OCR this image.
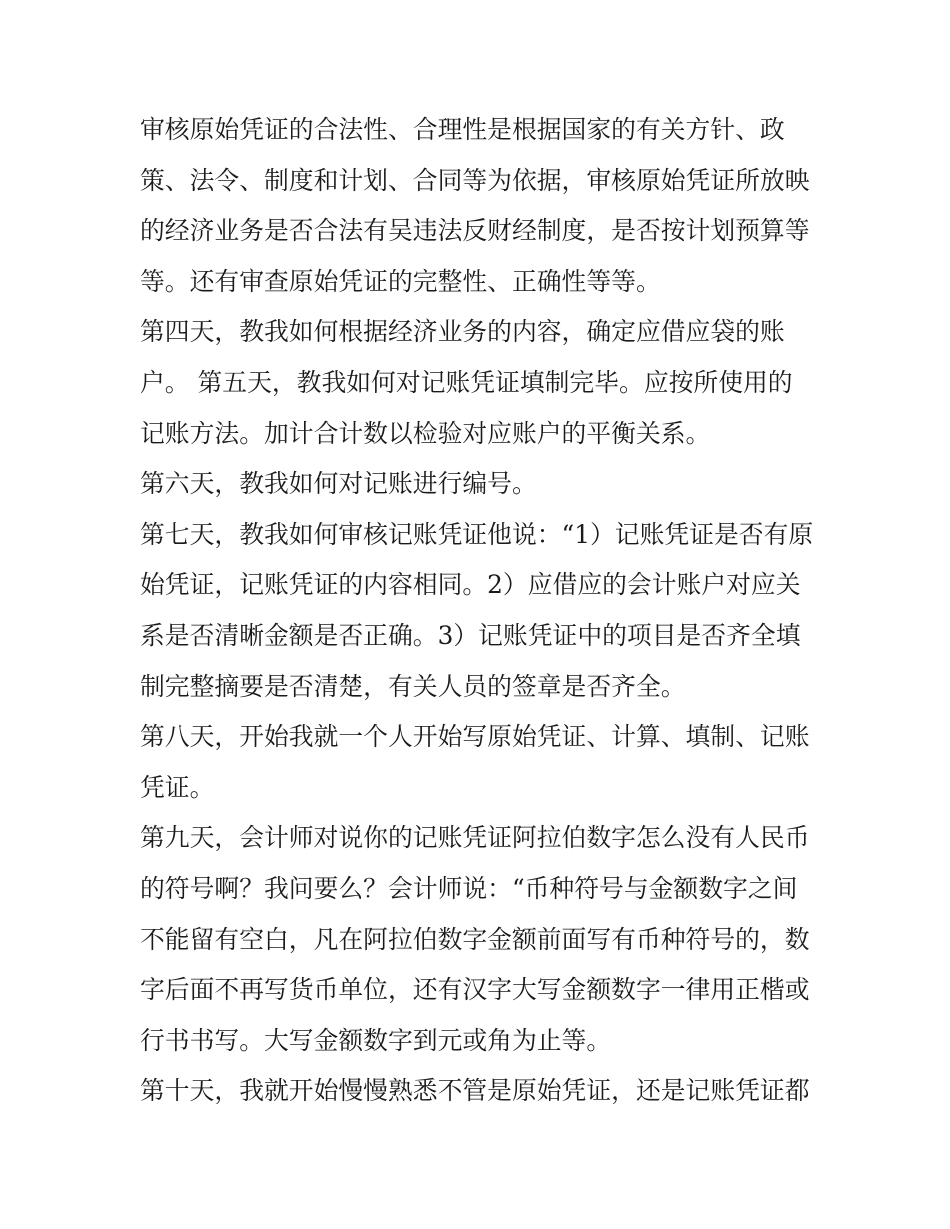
审核原始凭证的合法性、合理性是根据国家的有关方针、政
策、法令、制度和计划、合同等为依据，审核原始凭证所放映
的经济业务是否合法有吴违法反财经制度，是否按计划预算等
等。还有审查原始凭证的完整性、正确性等等。
第四天，教我如何根据经济业务的内容，确定应借应袋的账
户。 第五天，教我如何对记账凭证填制完毕。应按所使用的
记账方法。加计合计数以检验对应账户的平衡关系。
第六天，教我如何对记账进行编号。
第七天，教我如何审核记账凭证他说：“1）记账凭证是否有原
始凭证，记账凭证的内容相同。2）应借应的会计账户对应关
系是否清晰金额是否正确。3）记账凭证中的项目是否齐全填
制完整摘要是否清楚，有关人员的签章是否齐全。
第八天，开始我就一个人开始写原始凭证、计算、填制、记账
凭证。
第九天，会计师对说你的记账凭证阿拉伯数字怎么没有人民币
的符号啊？我问要么？会计师说：“币种符号与金额数字之间
不能留有空白，凡在阿拉伯数字金额前面写有币种符号的，数
字后面不再写货币单位，还有汉字大写金额数字一律用正楷或
行书书写。大写金额数字到元或角为止等。
第十天，我就开始慢慢熟悉不管是原始凭证，还是记账凭证都
